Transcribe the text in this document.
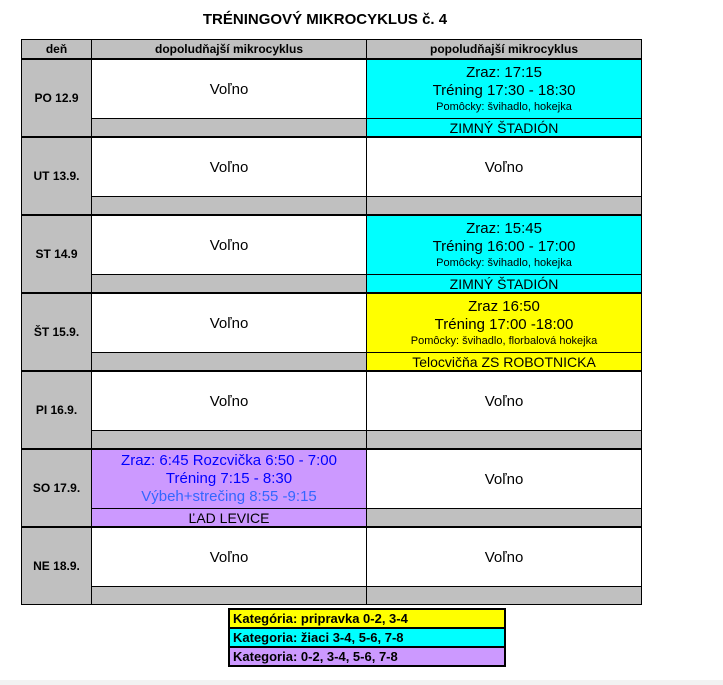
TRÉNINGOVÝ MIKROCYKLUS č. 4
deň	dopoludňajší mikrocyklus	popoludňajší mikrocyklus
PO 12.9	Voľno	Zraz: 17:15
Tréning 17:30 - 18:30
Pomôcky: švihadlo, hokejka

		ZIMNÝ ŠTADIÓN
UT 13.9.	Voľno	Voľno

ST 14.9	Voľno	Zraz: 15:45
Tréning 16:00 - 17:00
Pomôcky: švihadlo, hokejka

		ZIMNÝ ŠTADIÓN
ŠT 15.9.	Voľno	Zraz 16:50
Tréning 17:00 -18:00
Pomôcky: švihadlo, florbalová hokejka

		Telocvičňa ZS ROBOTNICKA
PI 16.9.	Voľno	Voľno

SO 17.9.	Zraz: 6:45 Rozcvička 6:50 - 7:00
Tréning 7:15 - 8:30
Výbeh+strečing 8:55 -9:15	Voľno
	ĽAD LEVICE	
NE 18.9.	Voľno	Voľno

Kategória: pripravka 0-2, 3-4
Kategoria: žiaci 3-4, 5-6, 7-8
Kategoria: 0-2, 3-4, 5-6, 7-8
